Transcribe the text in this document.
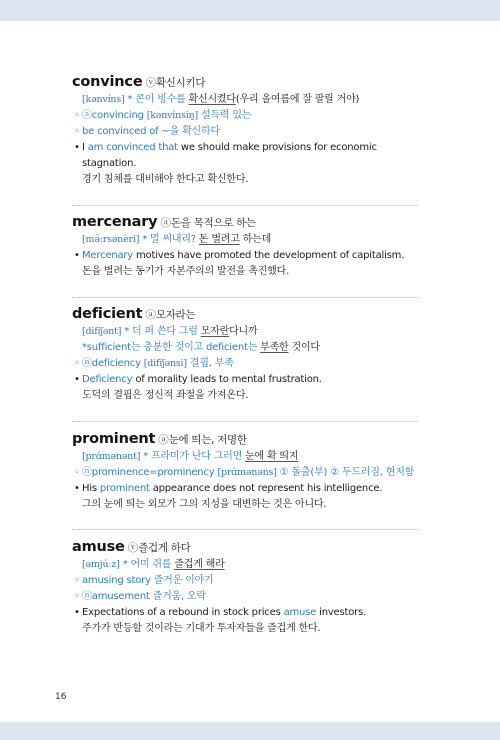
convince ⓥ확신시키다
[kənvíns] * 콘이 빙수를 확신시켰다(우리 올여름에 잘 팔릴 거야)
◦ ⓐconvincing [kənvínsiŋ] 설득력 있는
◦ be convinced of ~을 확신하다
• I am convinced that we should make provisions for economic
stagnation.
경기 침체를 대비해야 한다고 확신한다.
mercenary ⓐ돈을 목적으로 하는
[mə́ːrsənèri] * 멀 써내리? 돈 벌려고 하는데
• Mercenary motives have promoted the development of capitalism.
돈을 벌려는 동기가 자본주의의 발전을 촉진했다.
deficient ⓐ모자라는
[difíʃənt] * 더 퍼 쓴다 그럼 모자란다니까
*sufficient는 충분한 것이고 deficient는 부족한 것이다
◦ ⓝdeficiency [difíʃənsi] 결핍, 부족
• Deficiency of morality leads to mental frustration.
도덕의 결핍은 정신적 좌절을 가져온다.
prominent ⓐ눈에 띄는, 저명한
[prɑ́mənənt] * 프라미가 난다 그러면 눈에 확 띄지
◦ ⓝprominence=prominency [prɑ́mənəns] ① 돌출(부) ② 두드러짐, 현저함
• His prominent appearance does not represent his intelligence.
그의 눈에 띄는 외모가 그의 지성을 대변하는 것은 아니다.
amuse ⓥ즐겁게 하다
[əmjúːz] * 어미 쥐를 즐겁게 해라
◦ amusing story 즐거운 이야기
◦ ⓝamusement 즐거움, 오락
• Expectations of a rebound in stock prices amuse investors.
주가가 반등할 것이라는 기대가 투자자들을 즐겁게 한다.
16
